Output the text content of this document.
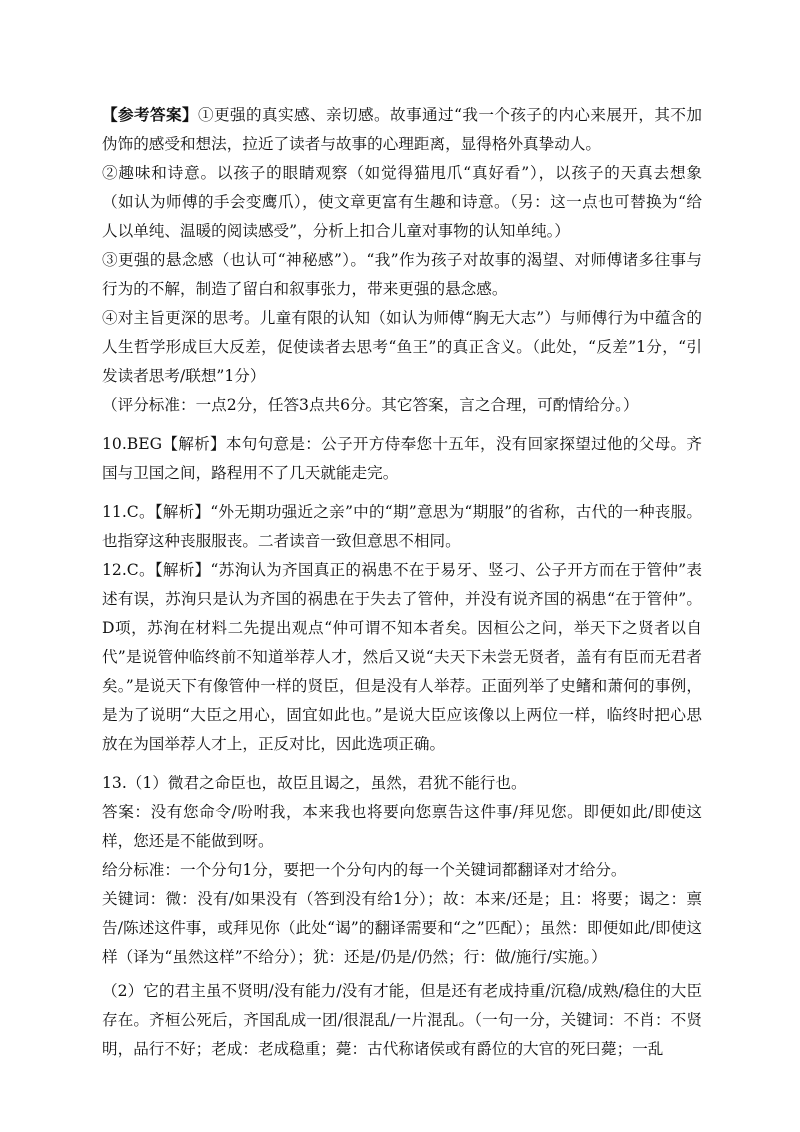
【参考答案】①更强的真实感、亲切感。故事通过“我一个孩子的内心来展开，其不加伪饰的感受和想法，拉近了读者与故事的心理距离，显得格外真挚动人。

②趣味和诗意。以孩子的眼睛观察（如觉得猫甩爪“真好看”），以孩子的天真去想象（如认为师傅的手会变鹰爪），使文章更富有生趣和诗意。（另：这一点也可替换为“给人以单纯、温暖的阅读感受”，分析上扣合儿童对事物的认知单纯。）

③更强的悬念感（也认可“神秘感”）。“我”作为孩子对故事的渴望、对师傅诸多往事与行为的不解，制造了留白和叙事张力，带来更强的悬念感。

④对主旨更深的思考。儿童有限的认知（如认为师傅“胸无大志”）与师傅行为中蕴含的人生哲学形成巨大反差，促使读者去思考“鱼王”的真正含义。（此处，“反差”1分，“引发读者思考/联想”1分）

（评分标准：一点2分，任答3点共6分。其它答案，言之合理，可酌情给分。）

10.BEG【解析】本句句意是：公子开方侍奉您十五年，没有回家探望过他的父母。齐国与卫国之间，路程用不了几天就能走完。

11.C。【解析】“外无期功强近之亲”中的“期”意思为“期服”的省称，古代的一种丧服。也指穿这种丧服服丧。二者读音一致但意思不相同。

12.C。【解析】“苏洵认为齐国真正的祸患不在于易牙、竖刁、公子开方而在于管仲”表述有误，苏洵只是认为齐国的祸患在于失去了管仲，并没有说齐国的祸患“在于管仲”。D项，苏洵在材料二先提出观点“仲可谓不知本者矣。因桓公之问，举天下之贤者以自代”是说管仲临终前不知道举荐人才，然后又说“夫天下未尝无贤者，盖有有臣而无君者矣。”是说天下有像管仲一样的贤臣，但是没有人举荐。正面列举了史鳍和萧何的事例，是为了说明“大臣之用心，固宜如此也。”是说大臣应该像以上两位一样，临终时把心思放在为国举荐人才上，正反对比，因此选项正确。

13.（1）微君之命臣也，故臣且谒之，虽然，君犹不能行也。

答案：没有您命令/吩咐我，本来我也将要向您禀告这件事/拜见您。即便如此/即使这样，您还是不能做到呀。

给分标准：一个分句1分，要把一个分句内的每一个关键词都翻译对才给分。

关键词：微：没有/如果没有（答到没有给1分）；故：本来/还是；且：将要；谒之：禀告/陈述这件事，或拜见你（此处“谒”的翻译需要和“之”匹配）；虽然：即便如此/即使这样（译为“虽然这样”不给分）；犹：还是/仍是/仍然；行：做/施行/实施。）

（2）它的君主虽不贤明/没有能力/没有才能，但是还有老成持重/沉稳/成熟/稳住的大臣存在。齐桓公死后，齐国乱成一团/很混乱/一片混乱。（一句一分，关键词：不肖：不贤明，品行不好；老成：老成稳重；薨：古代称诸侯或有爵位的大官的死曰薨；一乱
